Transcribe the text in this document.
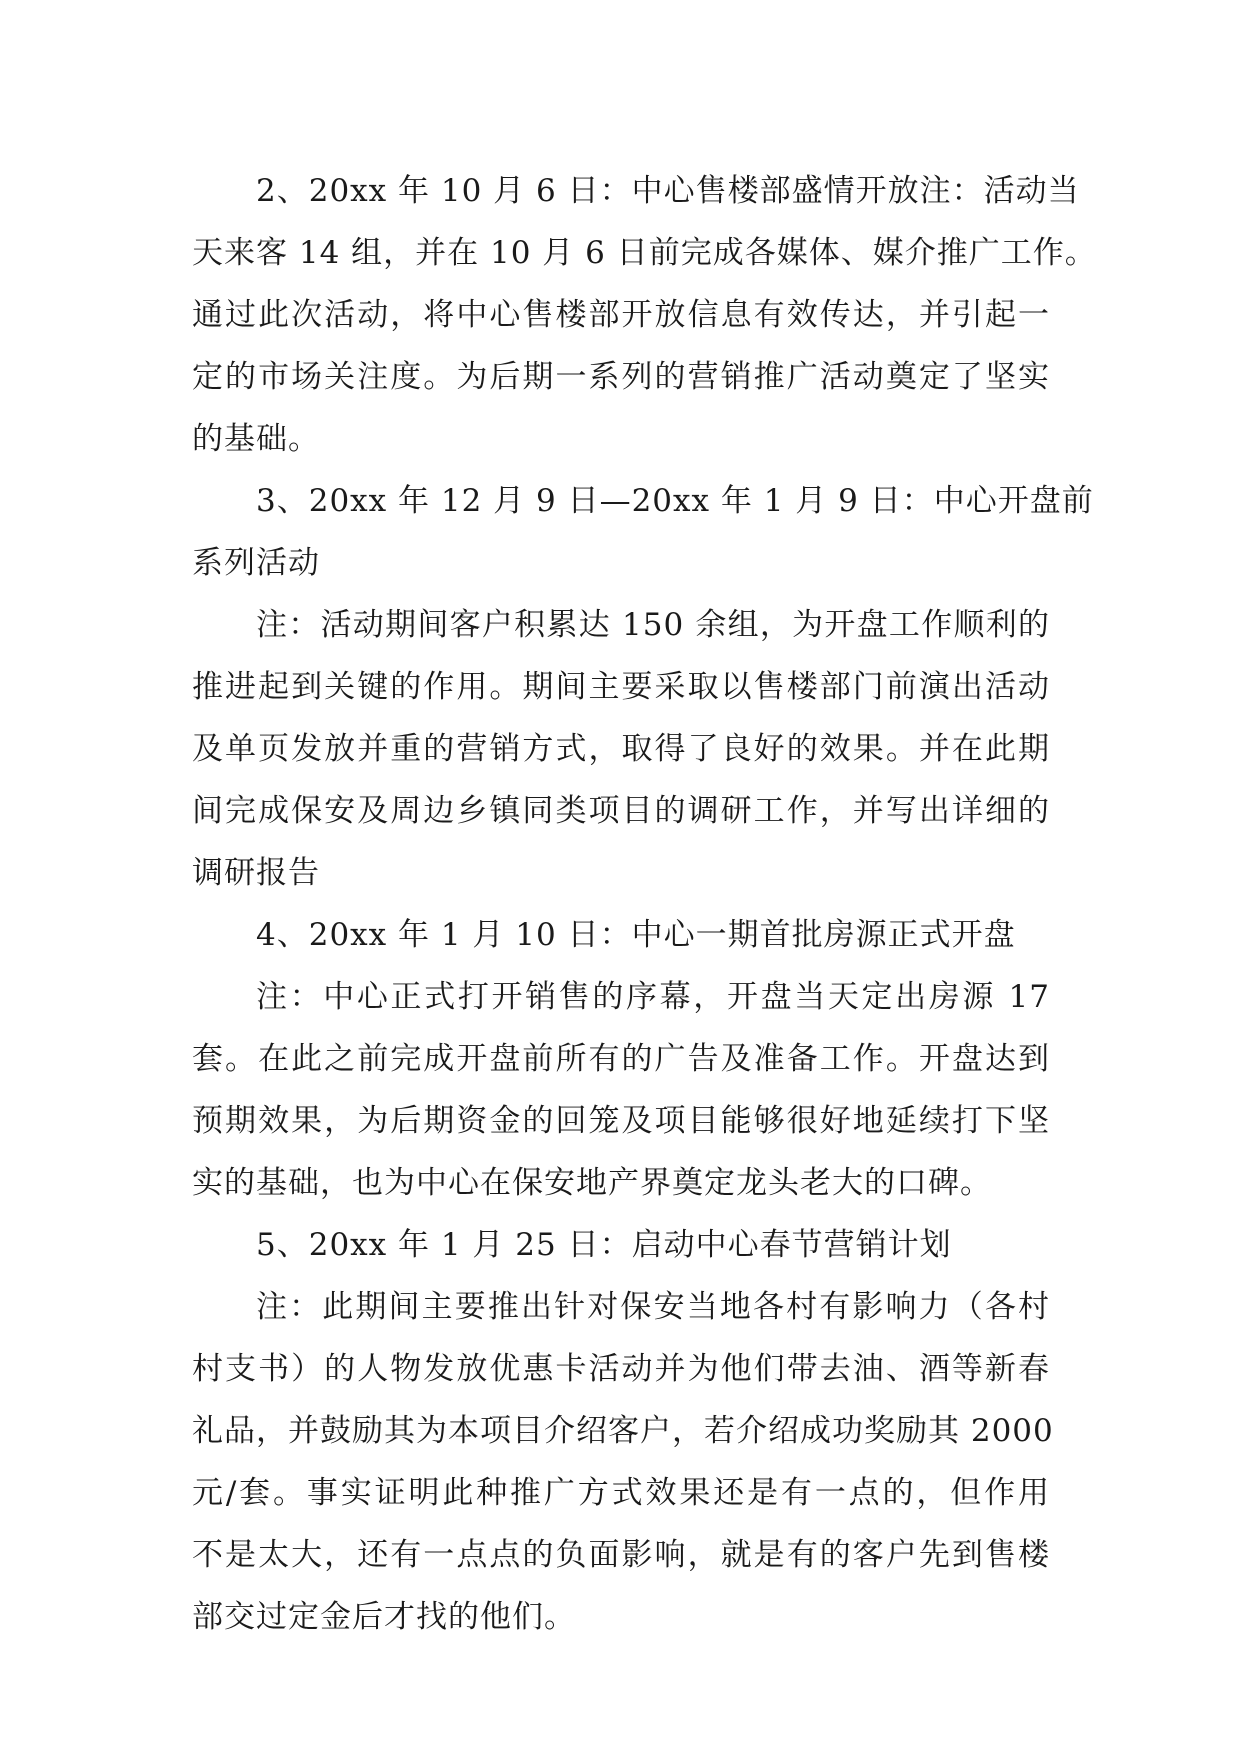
2、20xx 年 10 月 6 日：中心售楼部盛情开放注：活动当
天来客 14 组，并在 10 月 6 日前完成各媒体、媒介推广工作。
通过此次活动，将中心售楼部开放信息有效传达，并引起一
定的市场关注度。为后期一系列的营销推广活动奠定了坚实
的基础。
3、20xx 年 12 月 9 日—20xx 年 1 月 9 日：中心开盘前
系列活动
注：活动期间客户积累达 150 余组，为开盘工作顺利的
推进起到关键的作用。期间主要采取以售楼部门前演出活动
及单页发放并重的营销方式，取得了良好的效果。并在此期
间完成保安及周边乡镇同类项目的调研工作，并写出详细的
调研报告
4、20xx 年 1 月 10 日：中心一期首批房源正式开盘
注：中心正式打开销售的序幕，开盘当天定出房源 17
套。在此之前完成开盘前所有的广告及准备工作。开盘达到
预期效果，为后期资金的回笼及项目能够很好地延续打下坚
实的基础，也为中心在保安地产界奠定龙头老大的口碑。
5、20xx 年 1 月 25 日：启动中心春节营销计划
注：此期间主要推出针对保安当地各村有影响力（各村
村支书）的人物发放优惠卡活动并为他们带去油、酒等新春
礼品，并鼓励其为本项目介绍客户，若介绍成功奖励其 2000
元/套。事实证明此种推广方式效果还是有一点的，但作用
不是太大，还有一点点的负面影响，就是有的客户先到售楼
部交过定金后才找的他们。
